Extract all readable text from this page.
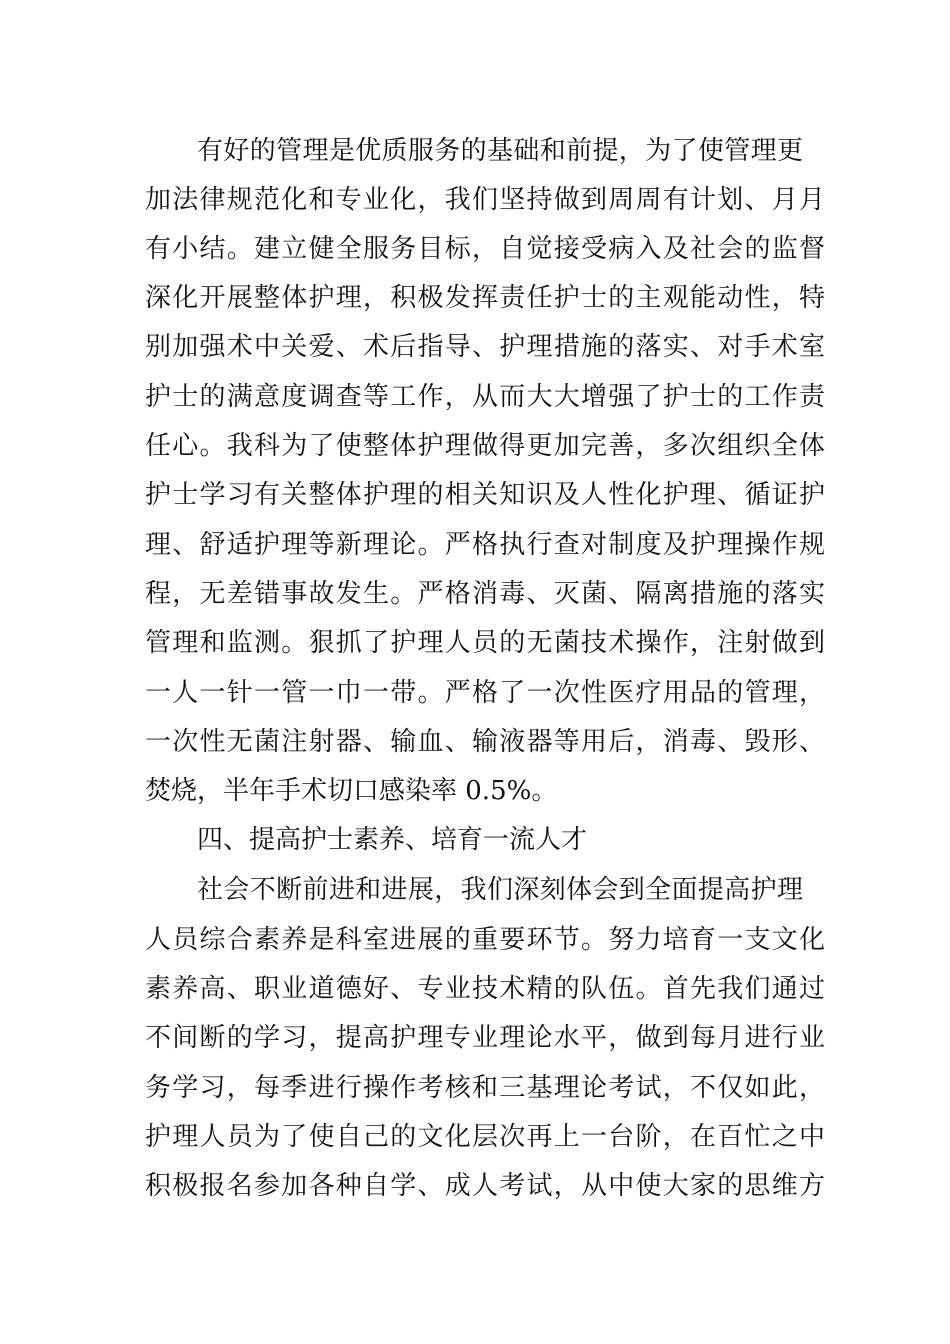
有好的管理是优质服务的基础和前提，为了使管理更
加法律规范化和专业化，我们坚持做到周周有计划、月月
有小结。建立健全服务目标，自觉接受病入及社会的监督
深化开展整体护理，积极发挥责任护士的主观能动性，特
别加强术中关爱、术后指导、护理措施的落实、对手术室
护士的满意度调查等工作，从而大大增强了护士的工作责
任心。我科为了使整体护理做得更加完善，多次组织全体
护士学习有关整体护理的相关知识及人性化护理、循证护
理、舒适护理等新理论。严格执行查对制度及护理操作规
程，无差错事故发生。严格消毒、灭菌、隔离措施的落实
管理和监测。狠抓了护理人员的无菌技术操作，注射做到
一人一针一管一巾一带。严格了一次性医疗用品的管理，
一次性无菌注射器、输血、输液器等用后，消毒、毁形、
焚烧，半年手术切口感染率 0.5%。
四、提高护士素养、培育一流人才
社会不断前进和进展，我们深刻体会到全面提高护理
人员综合素养是科室进展的重要环节。努力培育一支文化
素养高、职业道德好、专业技术精的队伍。首先我们通过
不间断的学习，提高护理专业理论水平，做到每月进行业
务学习，每季进行操作考核和三基理论考试，不仅如此，
护理人员为了使自己的文化层次再上一台阶，在百忙之中
积极报名参加各种自学、成人考试，从中使大家的思维方
